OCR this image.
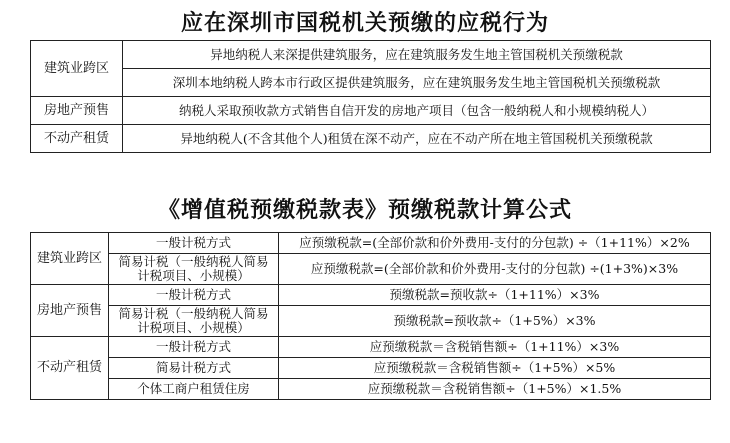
应在深圳市国税机关预缴的应税行为
建筑业跨区	异地纳税人来深提供建筑服务，应在建筑服务发生地主管国税机关预缴税款
	深圳本地纳税人跨本市行政区提供建筑服务，应在建筑服务发生地主管国税机关预缴税款
房地产预售	纳税人采取预收款方式销售自信开发的房地产项目（包含一般纳税人和小规模纳税人）
不动产租赁	异地纳税人(不含其他个人)租赁在深不动产，应在不动产所在地主管国税机关预缴税款
《增值税预缴税款表》预缴税款计算公式
建筑业跨区	一般计税方式	应预缴税款=(全部价款和价外费用-支付的分包款) ÷（1+11%）×2%
	简易计税（一般纳税人简易计税项目、小规模）	应预缴税款=(全部价款和价外费用-支付的分包款) ÷(1+3%)×3%
房地产预售	一般计税方式	预缴税款=预收款÷（1+11%）×3%
	简易计税（一般纳税人简易计税项目、小规模）	预缴税款=预收款÷（1+5%）×3%
不动产租赁	一般计税方式	应预缴税款＝含税销售额÷（1+11%）×3%
	简易计税方式	应预缴税款＝含税销售额÷（1+5%）×5%
	个体工商户租赁住房	应预缴税款＝含税销售额÷（1+5%）×1.5%
